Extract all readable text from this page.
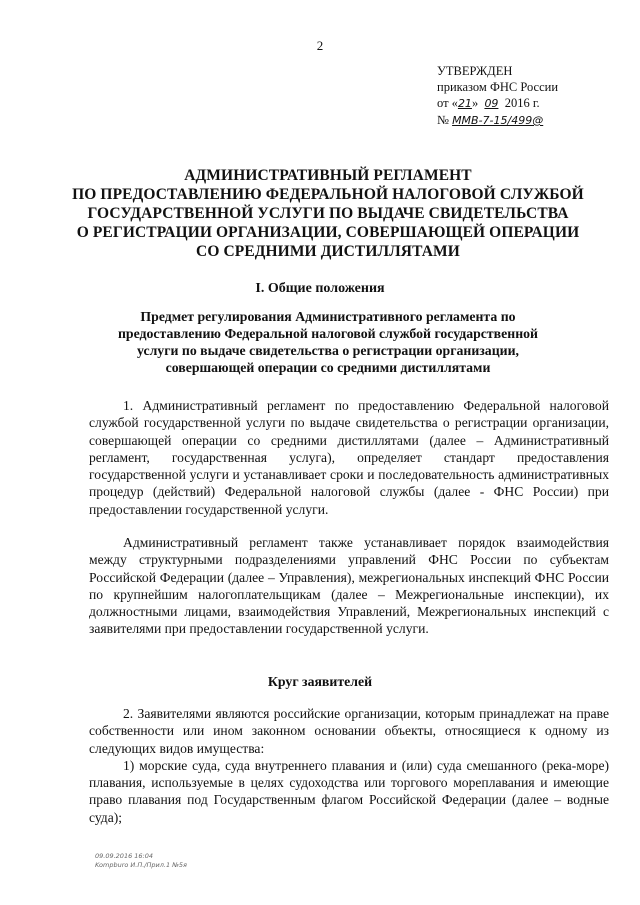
2
УТВЕРЖДЕН
приказом ФНС России
от «21» 09 2016 г.
№ ММВ-7-15/499@
АДМИНИСТРАТИВНЫЙ РЕГЛАМЕНТ
ПО ПРЕДОСТАВЛЕНИЮ ФЕДЕРАЛЬНОЙ НАЛОГОВОЙ СЛУЖБОЙ
ГОСУДАРСТВЕННОЙ УСЛУГИ ПО ВЫДАЧЕ СВИДЕТЕЛЬСТВА
О РЕГИСТРАЦИИ ОРГАНИЗАЦИИ, СОВЕРШАЮЩЕЙ ОПЕРАЦИИ
СО СРЕДНИМИ ДИСТИЛЛЯТАМИ
I. Общие положения
Предмет регулирования Административного регламента по
предоставлению Федеральной налоговой службой государственной
услуги по выдаче свидетельства о регистрации организации,
совершающей операции со средними дистиллятами

1. Административный регламент по предоставлению Федеральной налоговой службой государственной услуги по выдаче свидетельства о регистрации организации, совершающей операции со средними дистиллятами (далее – Административный регламент, государственная услуга), определяет стандарт предоставления государственной услуги и устанавливает сроки и последовательность административных процедур (действий) Федеральной налоговой службы (далее - ФНС России) при предоставлении государственной услуги.

Административный регламент также устанавливает порядок взаимодействия между структурными подразделениями управлений ФНС России по субъектам Российской Федерации (далее – Управления), межрегиональных инспекций ФНС России по крупнейшим налогоплательщикам (далее – Межрегиональные инспекции), их должностными лицами, взаимодействия Управлений, Межрегиональных инспекций с заявителями при предоставлении государственной услуги.

Круг заявителей

2. Заявителями являются российские организации, которым принадлежат на праве собственности или ином законном основании объекты, относящиеся к одному из следующих видов имущества:

1) морские суда, суда внутреннего плавания и (или) суда смешанного (река-море) плавания, используемые в целях судоходства или торгового мореплавания и имеющие право плавания под Государственным флагом Российской Федерации (далее – водные суда);

09.09.2016 16:04
Kompburo И.П./Прил.1 №5я
